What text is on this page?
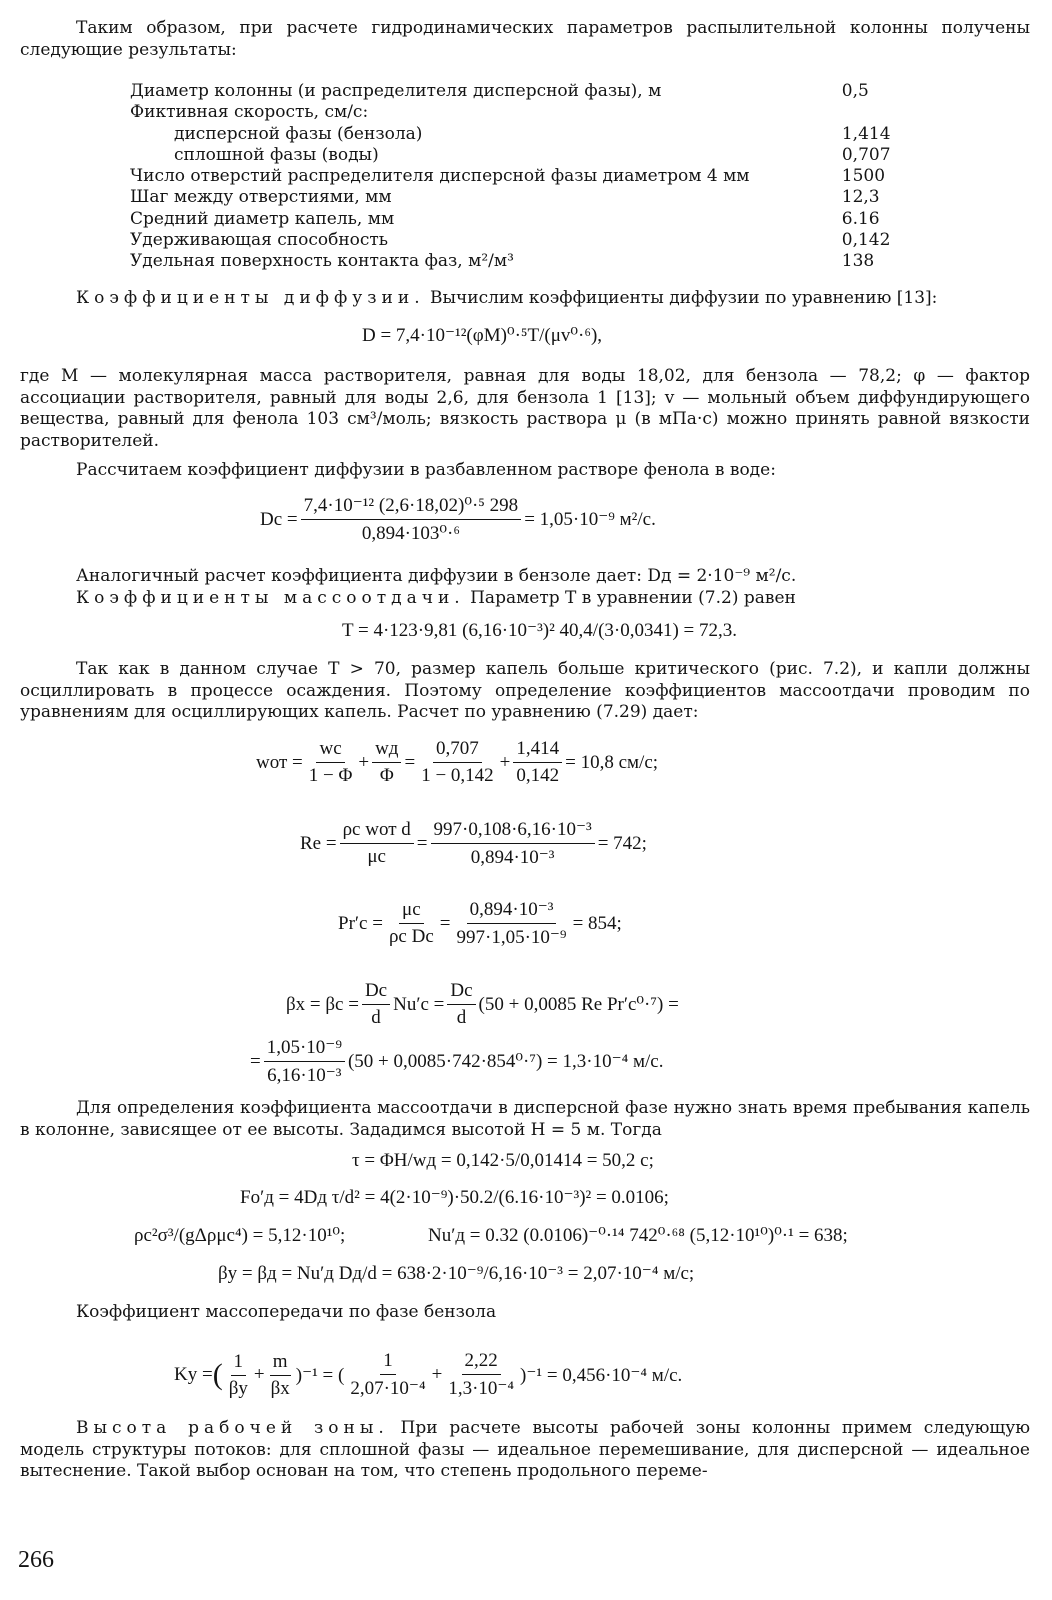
Таким образом, при расчете гидродинамических параметров распылительной колонны получены следующие результаты:

Диаметр колонны (и распределителя дисперсной фазы), м	0,5
Фиктивная скорость, см/с:
дисперсной фазы (бензола)	1,414
сплошной фазы (воды)	0,707
Число отверстий распределителя дисперсной фазы диаметром 4 мм	1500
Шаг между отверстиями, мм	12,3
Средний диаметр капель, мм	6.16
Удерживающая способность	0,142
Удельная поверхность контакта фаз, м²/м³	138

Коэффициенты диффузии. Вычислим коэффициенты диффузии по уравнению [13]:

D = 7,4·10⁻¹²(φM)⁰·⁵T/(μv⁰·⁶),

где M — молекулярная масса растворителя, равная для воды 18,02, для бензола — 78,2; φ — фактор ассоциации растворителя, равный для воды 2,6, для бензола 1 [13]; v — мольный объем диффундирующего вещества, равный для фенола 103 см³/моль; вязкость раствора μ (в мПа·с) можно принять равной вязкости растворителей.

Рассчитаем коэффициент диффузии в разбавленном растворе фенола в воде:

$Dc = \frac{\text{7,4·10⁻¹² (2,6·18,02)⁰·⁵ 298}}{\text{0,894·103⁰·⁶}} = 1,05\cdot 10^{-9}$ м²/с.

Аналогичный расчет коэффициента диффузии в бензоле дает: Dд = 2·10⁻⁹ м²/с.

Коэффициенты массоотдачи. Параметр T в уравнении (7.2) равен

T = 4·123·9,81 (6,16·10⁻³)² 40,4/(3·0,0341) = 72,3.

Так как в данном случае T > 70, размер капель больше критического (рис. 7.2), и капли должны осциллировать в процессе осаждения. Поэтому определение коэффициентов массоотдачи проводим по уравнениям для осциллирующих капель. Расчет по уравнению (7.29) дает:

wот = $\frac{wc}{1 - \Phi}$ +
wд
Φ
= $\frac{0,707}{1 - 0,142} + \frac{1,414}{0,142} = 10,8$ см/с;
Re =
ρc wот d
μc
= $\frac{\text{997·0,108·6,16·10⁻³}}{\text{0,894·10⁻³}} = 742$;
$Pr'c = \frac{\mu c}{\text{ρc Dc}} = \frac{\text{0,894·10⁻³}}{\text{997·1,05·10⁻⁹}} = 854$;
$\beta x = \beta c = \frac{Dc}{d} Nu'c = \frac{Dc}{d} (50 + 0,0085$ Re Pr′c⁰·⁷) =
= $\frac{\text{1,05·10⁻⁹}}{\text{6,16·10⁻³}} (50 + 0,0085\cdot 742\cdot 854^0\cdot^7) = 1,3\cdot 10^{-4}$ м/с.

Для определения коэффициента массоотдачи в дисперсной фазе нужно знать время пребывания капель в колонне, зависящее от ее высоты. Зададимся высотой H = 5 м. Тогда

τ = ΦH/wд = 0,142·5/0,01414 = 50,2 с;
Fo′д = 4Dд τ/d² = 4(2·10⁻⁹)·50.2/(6.16·10⁻³)² = 0.0106;
ρc²σ³/(gΔρμc⁴) = 5,12·10¹⁰;	Nu′д = 0.32 (0.0106)⁻⁰·¹⁴ 742⁰·⁶⁸ (5,12·10¹⁰)⁰·¹ = 638;
βy = βд = Nu′д Dд/d = 638·2·10⁻⁹/6,16·10⁻³ = 2,07·10⁻⁴ м/с;

Коэффициент массопередачи по фазе бензола

Ky = ( 1
βy
+ $\frac{m}{\beta x} )^{-1}$ = (
1
2,07·10⁻⁴
+ $\frac{2,22}{\text{1,3·10⁻⁴}} )^{-1} = 0,456\cdot 10^{-4}$ м/с.

Высота рабочей зоны. При расчете высоты рабочей зоны колонны примем следующую модель структуры потоков: для сплошной фазы — идеальное перемешивание, для дисперсной — идеальное вытеснение. Такой выбор основан на том, что степень продольного переме-

266
